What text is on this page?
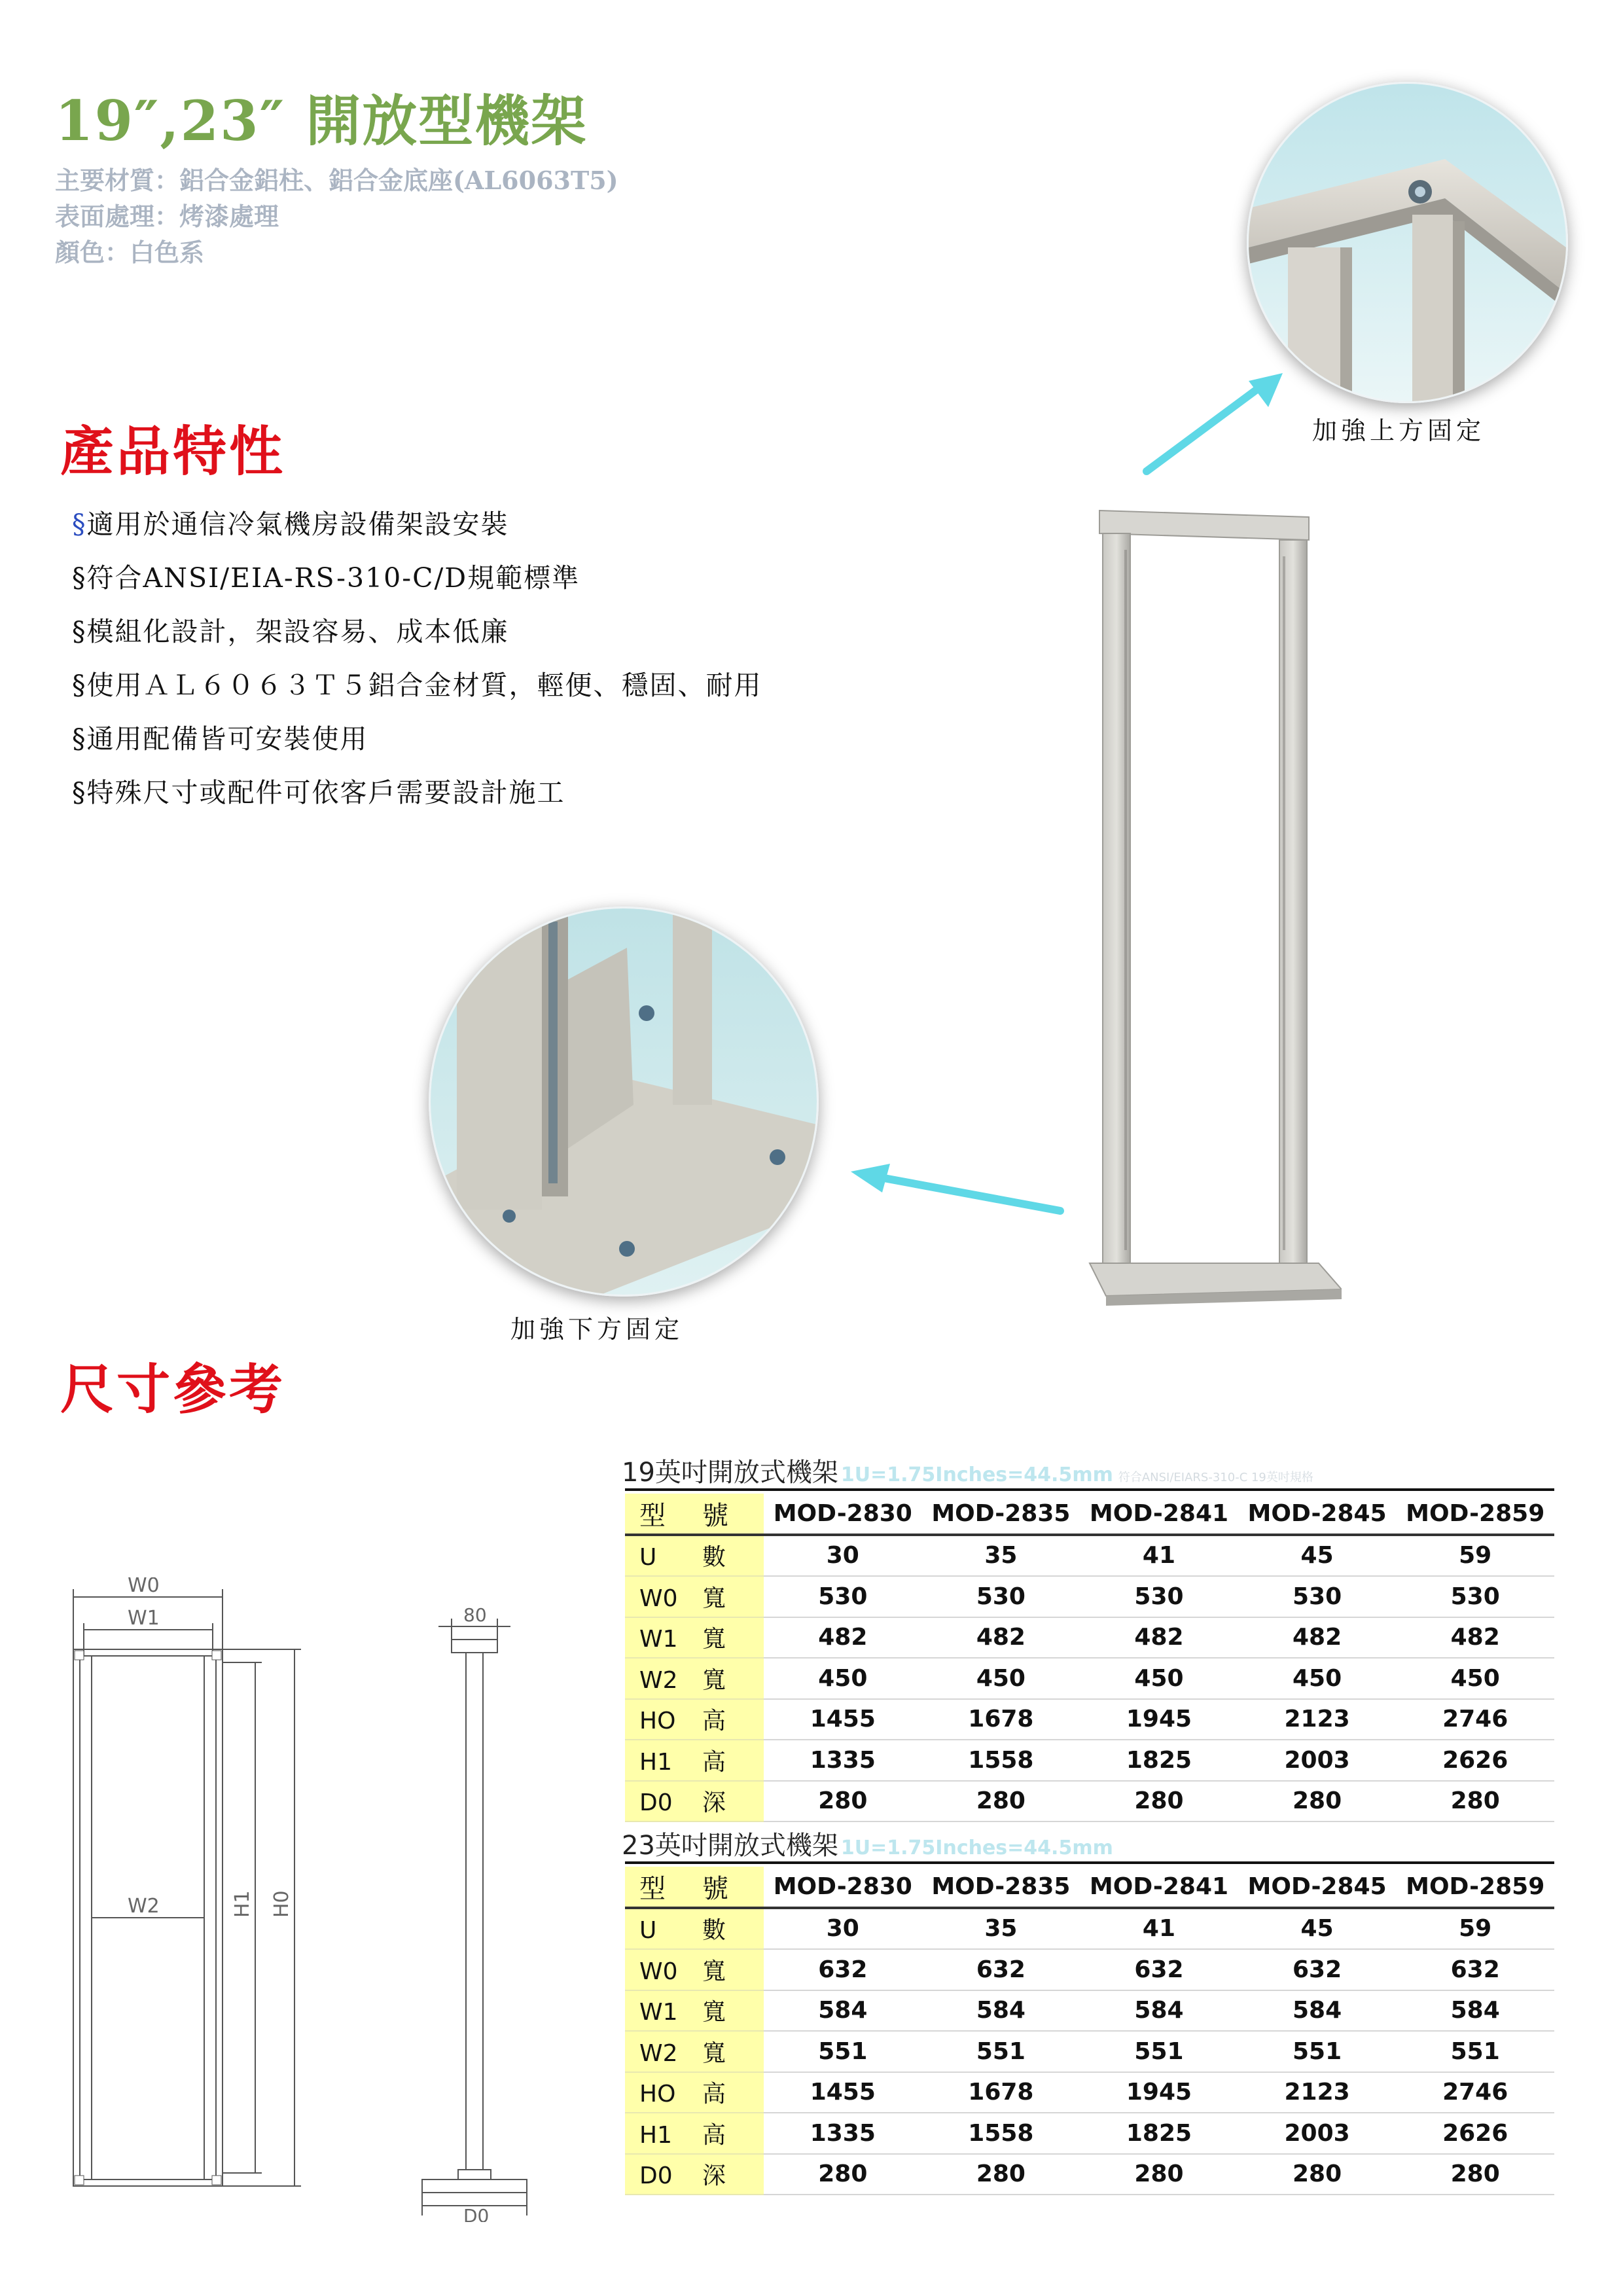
19″,23″ 開放型機架
主要材質：鋁合金鋁柱、鋁合金底座(AL6063T5)
表面處理：烤漆處理
顏色：白色系
產品特性
§適用於通信冷氣機房設備架設安裝
§符合ANSI/EIA-RS-310-C/D規範標準
§模組化設計，架設容易、成本低廉
§使用ＡＬ６０６３Ｔ５鋁合金材質，輕便、穩固、耐用
§通用配備皆可安裝使用
§特殊尺寸或配件可依客戶需要設計施工
加強上方固定
加強下方固定
尺寸參考
W0
W1
W2	H1 H0
80
D0
19英吋開放式機架 1U=1.75Inches=44.5mm 符合ANSI/EIARS-310-C 19英吋規格
型 號	MOD-2830	MOD-2835	MOD-2841	MOD-2845	MOD-2859
U 數	30	35	41	45	59
W0 寬	530	530	530	530	530
W1 寬	482	482	482	482	482
W2 寬	450	450	450	450	450
HO 高	1455	1678	1945	2123	2746
H1 高	1335	1558	1825	2003	2626
D0 深	280	280	280	280	280
23英吋開放式機架 1U=1.75Inches=44.5mm
型 號	MOD-2830	MOD-2835	MOD-2841	MOD-2845	MOD-2859
U 數	30	35	41	45	59
W0 寬	632	632	632	632	632
W1 寬	584	584	584	584	584
W2 寬	551	551	551	551	551
HO 高	1455	1678	1945	2123	2746
H1 高	1335	1558	1825	2003	2626
D0 深	280	280	280	280	280
